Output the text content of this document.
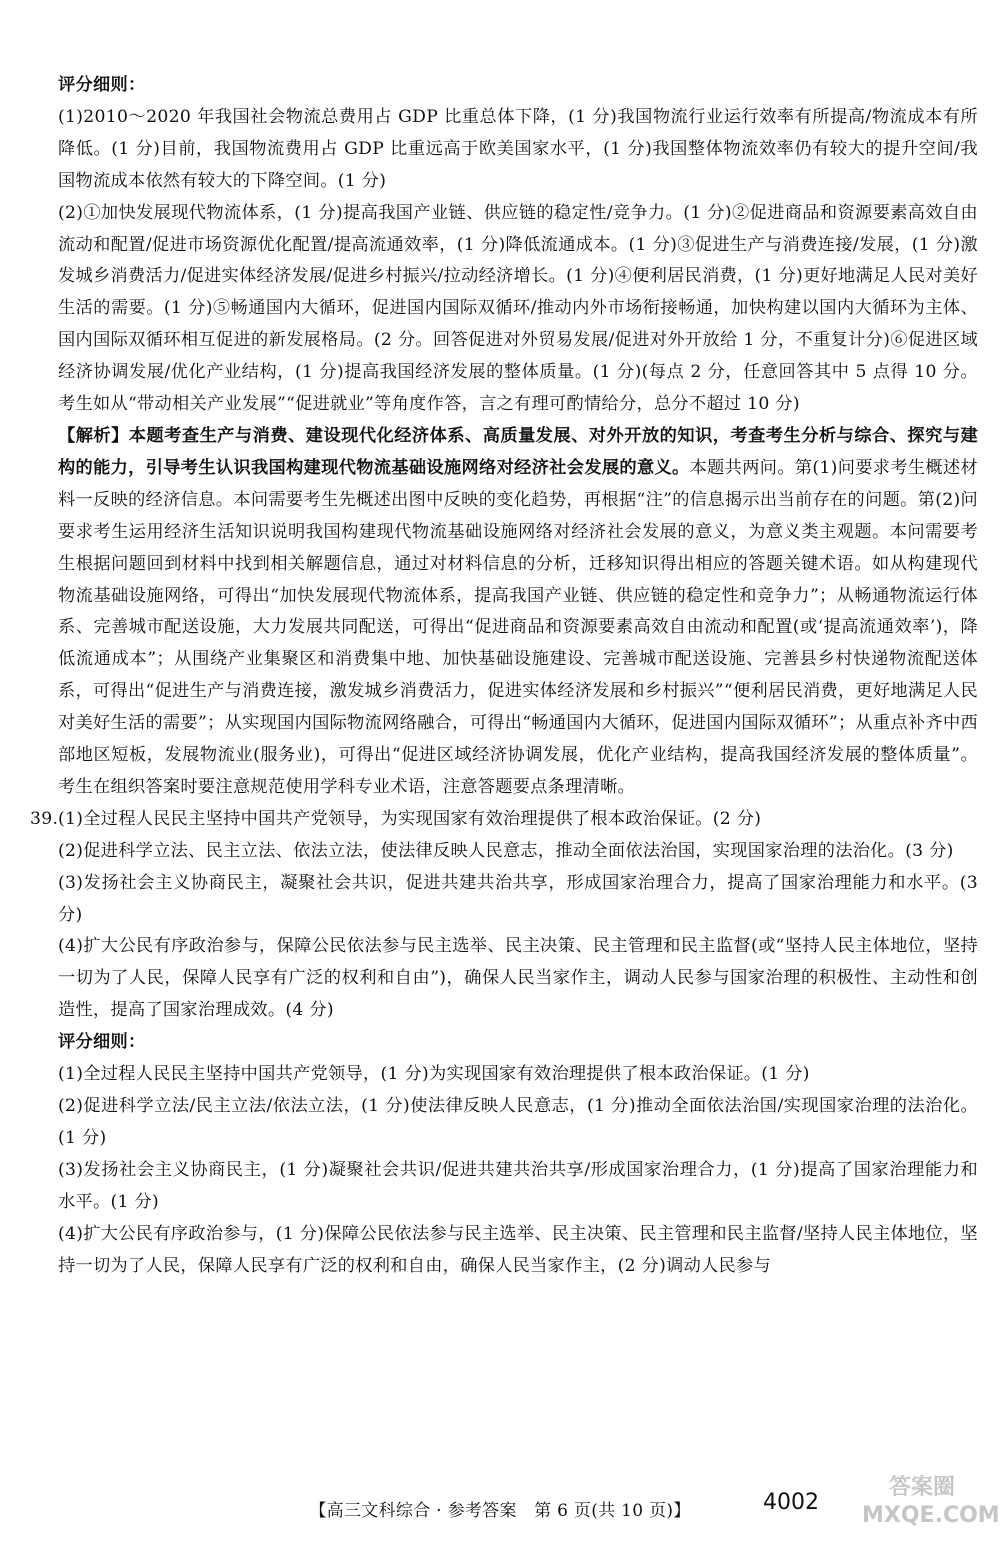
评分细则：

(1)2010～2020 年我国社会物流总费用占 GDP 比重总体下降，(1 分)我国物流行业运行效率有所提高/物流成本有所降低。(1 分)目前，我国物流费用占 GDP 比重远高于欧美国家水平，(1 分)我国整体物流效率仍有较大的提升空间/我国物流成本依然有较大的下降空间。(1 分)

(2)①加快发展现代物流体系，(1 分)提高我国产业链、供应链的稳定性/竞争力。(1 分)②促进商品和资源要素高效自由流动和配置/促进市场资源优化配置/提高流通效率，(1 分)降低流通成本。(1 分)③促进生产与消费连接/发展，(1 分)激发城乡消费活力/促进实体经济发展/促进乡村振兴/拉动经济增长。(1 分)④便利居民消费，(1 分)更好地满足人民对美好生活的需要。(1 分)⑤畅通国内大循环，促进国内国际双循环/推动内外市场衔接畅通，加快构建以国内大循环为主体、国内国际双循环相互促进的新发展格局。(2 分。回答促进对外贸易发展/促进对外开放给 1 分，不重复计分)⑥促进区域经济协调发展/优化产业结构，(1 分)提高我国经济发展的整体质量。(1 分)(每点 2 分，任意回答其中 5 点得 10 分。考生如从“带动相关产业发展”“促进就业”等角度作答，言之有理可酌情给分，总分不超过 10 分)

【解析】本题考查生产与消费、建设现代化经济体系、高质量发展、对外开放的知识，考查考生分析与综合、探究与建构的能力，引导考生认识我国构建现代物流基础设施网络对经济社会发展的意义。本题共两问。第(1)问要求考生概述材料一反映的经济信息。本问需要考生先概述出图中反映的变化趋势，再根据“注”的信息揭示出当前存在的问题。第(2)问要求考生运用经济生活知识说明我国构建现代物流基础设施网络对经济社会发展的意义，为意义类主观题。本问需要考生根据问题回到材料中找到相关解题信息，通过对材料信息的分析，迁移知识得出相应的答题关键术语。如从构建现代物流基础设施网络，可得出“加快发展现代物流体系，提高我国产业链、供应链的稳定性和竞争力”；从畅通物流运行体系、完善城市配送设施，大力发展共同配送，可得出“促进商品和资源要素高效自由流动和配置(或‘提高流通效率’)，降低流通成本”；从围绕产业集聚区和消费集中地、加快基础设施建设、完善城市配送设施、完善县乡村快递物流配送体系，可得出“促进生产与消费连接，激发城乡消费活力，促进实体经济发展和乡村振兴”“便利居民消费，更好地满足人民对美好生活的需要”；从实现国内国际物流网络融合，可得出“畅通国内大循环，促进国内国际双循环”；从重点补齐中西部地区短板，发展物流业(服务业)，可得出“促进区域经济协调发展，优化产业结构，提高我国经济发展的整体质量”。考生在组织答案时要注意规范使用学科专业术语，注意答题要点条理清晰。

39. (1)全过程人民民主坚持中国共产党领导，为实现国家有效治理提供了根本政治保证。(2 分)

(2)促进科学立法、民主立法、依法立法，使法律反映人民意志，推动全面依法治国，实现国家治理的法治化。(3 分)

(3)发扬社会主义协商民主，凝聚社会共识，促进共建共治共享，形成国家治理合力，提高了国家治理能力和水平。(3 分)

(4)扩大公民有序政治参与，保障公民依法参与民主选举、民主决策、民主管理和民主监督(或“坚持人民主体地位，坚持一切为了人民，保障人民享有广泛的权利和自由”)，确保人民当家作主，调动人民参与国家治理的积极性、主动性和创造性，提高了国家治理成效。(4 分)

评分细则：

(1)全过程人民民主坚持中国共产党领导，(1 分)为实现国家有效治理提供了根本政治保证。(1 分)

(2)促进科学立法/民主立法/依法立法，(1 分)使法律反映人民意志，(1 分)推动全面依法治国/实现国家治理的法治化。(1 分)

(3)发扬社会主义协商民主，(1 分)凝聚社会共识/促进共建共治共享/形成国家治理合力，(1 分)提高了国家治理能力和水平。(1 分)

(4)扩大公民有序政治参与，(1 分)保障公民依法参与民主选举、民主决策、民主管理和民主监督/坚持人民主体地位，坚持一切为了人民，保障人民享有广泛的权利和自由，确保人民当家作主，(2 分)调动人民参与

【高三文科综合 · 参考答案　第 6 页(共 10 页)】	4002
答案圈
MXQE.COM
